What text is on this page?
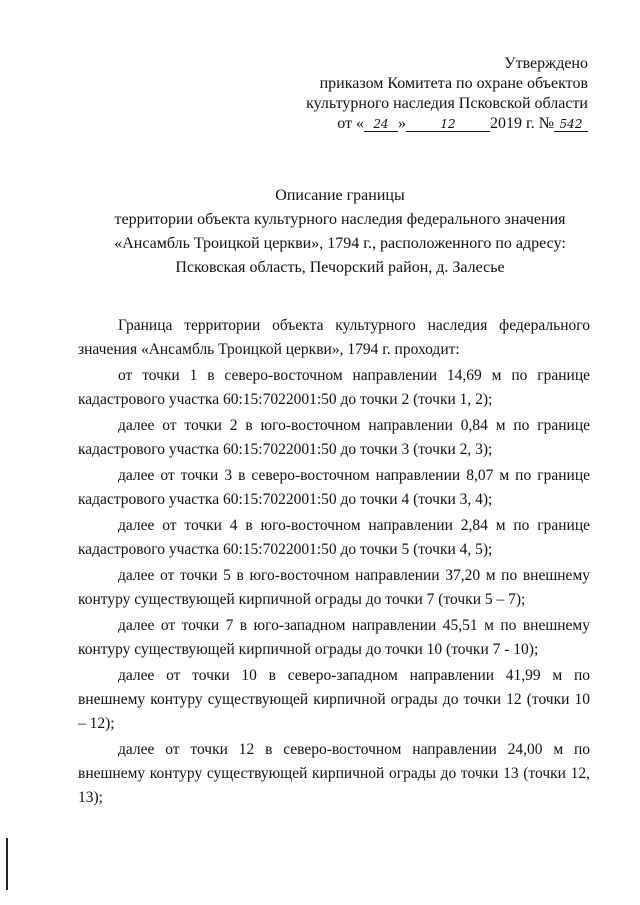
Утверждено
приказом Комитета по охране объектов
культурного наследия Псковской области
от « 24 »	12 2019 г. № 542
Описание границы
территории объекта культурного наследия федерального значения
«Ансамбль Троицкой церкви», 1794 г., расположенного по адресу:
Псковская область, Печорский район, д. Залесье

Граница территории объекта культурного наследия федерального значения «Ансамбль Троицкой церкви», 1794 г. проходит:

от точки 1 в северо-восточном направлении 14,69 м по границе кадастрового участка 60:15:7022001:50 до точки 2 (точки 1, 2);

далее от точки 2 в юго-восточном направлении 0,84 м по границе кадастрового участка 60:15:7022001:50 до точки 3 (точки 2, 3);

далее от точки 3 в северо-восточном направлении 8,07 м по границе кадастрового участка 60:15:7022001:50 до точки 4 (точки 3, 4);

далее от точки 4 в юго-восточном направлении 2,84 м по границе кадастрового участка 60:15:7022001:50 до точки 5 (точки 4, 5);

далее от точки 5 в юго-восточном направлении 37,20 м по внешнему контуру существующей кирпичной ограды до точки 7 (точки 5 – 7);

далее от точки 7 в юго-западном направлении 45,51 м по внешнему контуру существующей кирпичной ограды до точки 10 (точки 7 - 10);

далее от точки 10 в северо-западном направлении 41,99 м по внешнему контуру существующей кирпичной ограды до точки 12 (точки 10 – 12);

далее от точки 12 в северо-восточном направлении 24,00 м по внешнему контуру существующей кирпичной ограды до точки 13 (точки 12, 13);
